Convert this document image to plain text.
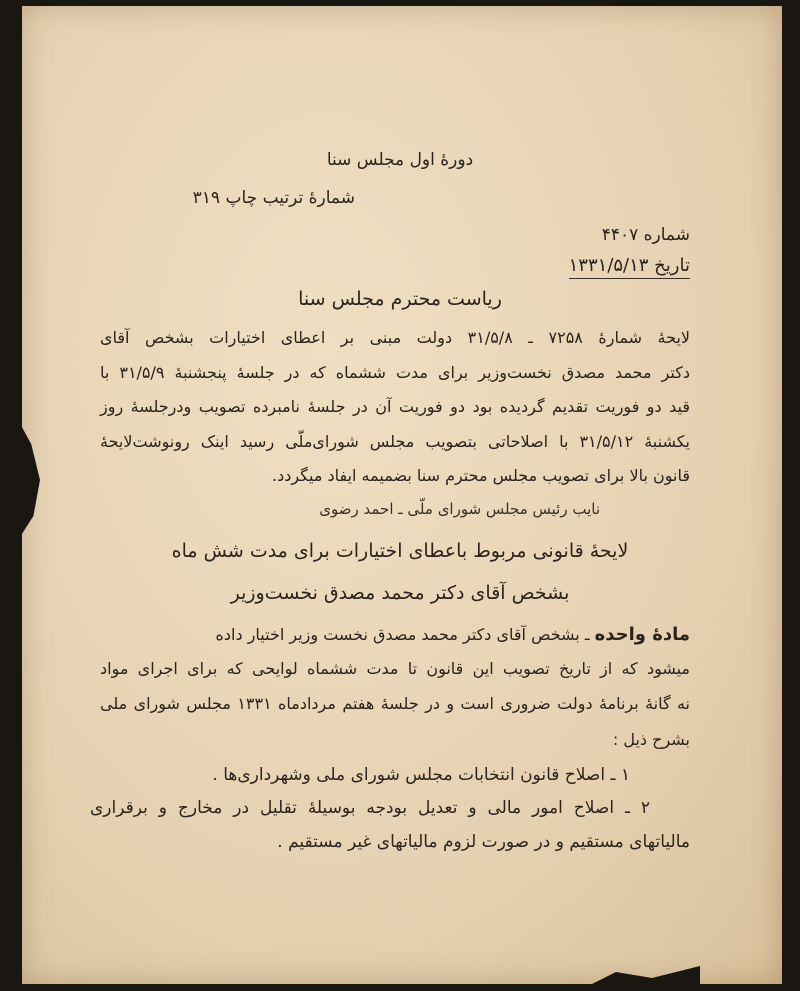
دورهٔ اول مجلس سنا
شمارهٔ ترتیب چاپ ۳۱۹
شماره ۴۴۰۷
تاریخ ۱۳۳۱/۵/۱۳
ریاست محترم مجلس سنا
لایحهٔ شمارهٔ ۷۲۵۸ ـ ۳۱/۵/۸ دولت مبنی بر اعطای اختیارات بشخص آقای
دکتر محمد مصدق نخست‌وزیر برای مدت ششماه که در جلسهٔ پنجشنبهٔ ۳۱/۵/۹ با
قید دو فوریت تقدیم گردیده بود دو فوریت آن در جلسهٔ نامبرده تصویب ودرجلسهٔ روز
یکشنبهٔ ۳۱/۵/۱۲ با اصلاحاتی بتصویب مجلس شورای‌ملّی رسید اینک رونوشت‌لایحهٔ
قانون بالا برای تصویب مجلس محترم سنا بضمیمه ایفاد میگردد.
نایب رئیس مجلس شورای ملّی ـ احمد رضوی
لایحهٔ قانونی مربوط باعطای اختیارات برای مدت شش ماه
بشخص آقای دکتر محمد مصدق نخست‌وزیر
مادهٔ واحده ـ بشخص آقای دکتر محمد مصدق نخست وزیر اختیار داده
میشود که از تاریخ تصویب این قانون تا مدت ششماه لوایحی که برای اجرای مواد
نه گانهٔ برنامهٔ دولت ضروری است و در جلسهٔ هفتم مردادماه ۱۳۳۱ مجلس شورای ملی
بشرح ذیل :
۱ ـ اصلاح قانون انتخابات مجلس شورای ملی وشهرداری‌ها .
۲ ـ اصلاح امور مالی و تعدیل بودجه بوسیلهٔ تقلیل در مخارج و برقراری
مالیاتهای مستقیم و در صورت لزوم مالیاتهای غیر مستقیم .
